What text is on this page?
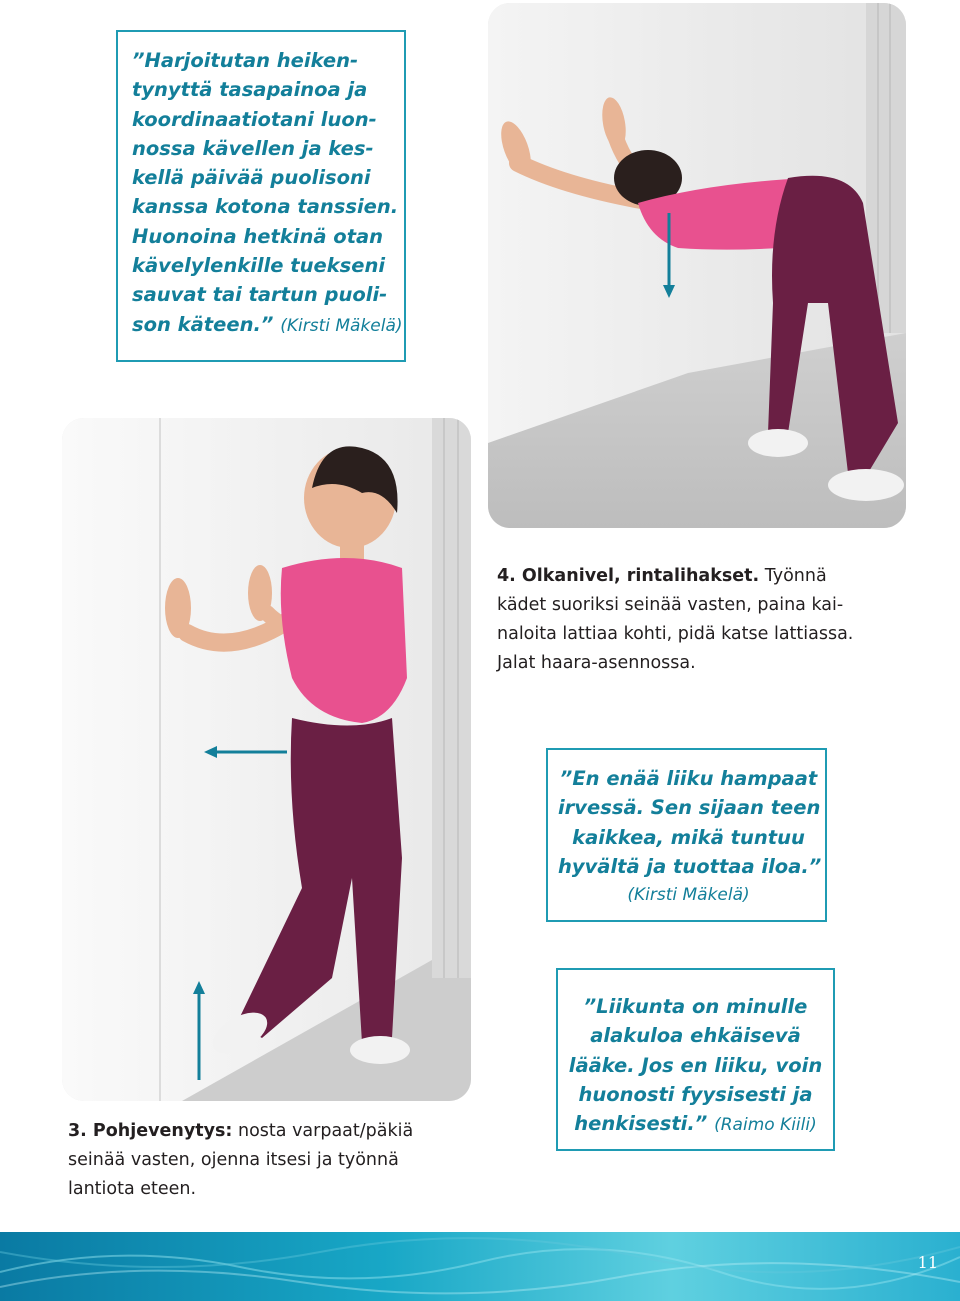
”Harjoitutan heiken-
tynyttä tasapainoa ja
koordinaatiotani luon-
nossa kävellen ja kes-
kellä päivää puolisoni
kanssa kotona tanssien.
Huonoina hetkinä otan
kävelylenkille tuekseni
sauvat tai tartun puoli-
son käteen.” (Kirsti Mäkelä)
4. Olkanivel, rintalihakset. Työnnä
kädet suoriksi seinää vasten, paina kai-
naloita lattiaa kohti, pidä katse lattiassa.
Jalat haara-asennossa.
”En enää liiku hampaat
irvessä. Sen sijaan teen
kaikkea, mikä tuntuu
hyvältä ja tuottaa iloa.”
(Kirsti Mäkelä)
”Liikunta on minulle
alakuloa ehkäisevä
lääke. Jos en liiku, voin
huonosti fyysisesti ja
henkisesti.” (Raimo Kiili)
3. Pohjevenytys: nosta varpaat/päkiä
seinää vasten, ojenna itsesi ja työnnä
lantiota eteen.
11
